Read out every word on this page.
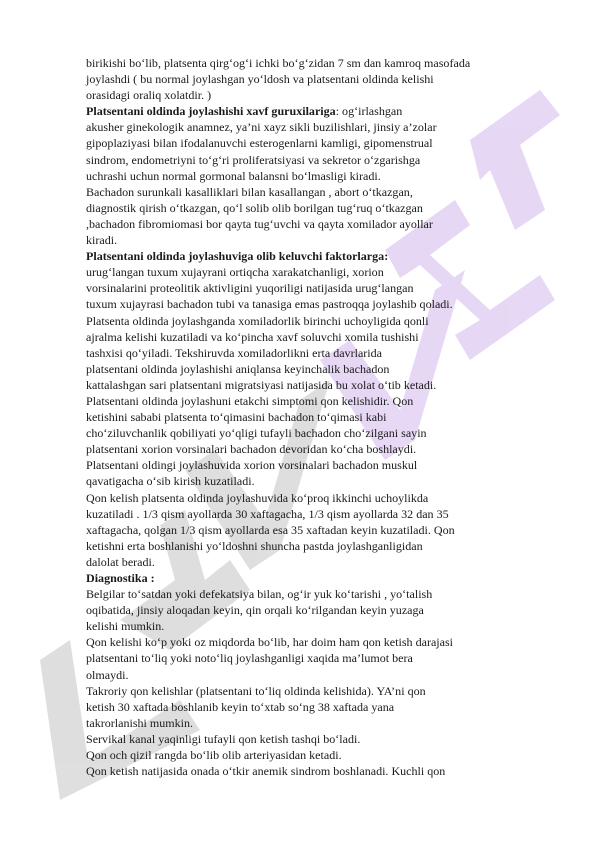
birikishi bo‘lib, platsenta qirg‘og‘i ichki bo‘g‘zidan 7 sm dan kamroq masofada
joylashdi ( bu normal joylashgan yo‘ldosh va platsentani oldinda kelishi
orasidagi oraliq xolatdir. )
Platsentani oldinda joylashishi xavf guruxilariga: og‘irlashgan
akusher ginekologik anamnez, ya’ni xayz sikli buzilishlari, jinsiy a’zolar
gipoplaziyasi bilan ifodalanuvchi esterogenlarni kamligi, gipomenstrual
sindrom, endometriyni to‘g‘ri proliferatsiyasi va sekretor o‘zgarishga
uchrashi uchun normal gormonal balansni bo‘lmasligi kiradi.
Bachadon surunkali kasalliklari bilan kasallangan , abort o‘tkazgan,
diagnostik qirish o‘tkazgan, qo‘l solib olib borilgan tug‘ruq o‘tkazgan
,bachadon fibromiomasi bor qayta tug‘uvchi va qayta xomilador ayollar
kiradi.
Platsentani oldinda joylashuviga olib keluvchi faktorlarga:
urug‘langan tuxum xujayrani ortiqcha xarakatchanligi, xorion
vorsinalarini proteolitik aktivligini yuqoriligi natijasida urug‘langan
tuxum xujayrasi bachadon tubi va tanasiga emas pastroqqa joylashib qoladi.
Platsenta oldinda joylashganda xomiladorlik birinchi uchoyligida qonli
ajralma kelishi kuzatiladi va ko‘pincha xavf soluvchi xomila tushishi
tashxisi qo‘yiladi. Tekshiruvda xomiladorlikni erta davrlarida
platsentani oldinda joylashishi aniqlansa keyinchalik bachadon
kattalashgan sari platsentani migratsiyasi natijasida bu xolat o‘tib ketadi.
Platsentani oldinda joylashuni etakchi simptomi qon kelishidir. Qon
ketishini sababi platsenta to‘qimasini bachadon to‘qimasi kabi
cho‘ziluvchanlik qobiliyati yo‘qligi tufayli bachadon cho‘zilgani sayin
platsentani xorion vorsinalari bachadon devoridan ko‘cha boshlaydi.
Platsentani oldingi joylashuvida xorion vorsinalari bachadon muskul
qavatigacha o‘sib kirish kuzatiladi.
Qon kelish platsenta oldinda joylashuvida ko‘proq ikkinchi uchoylikda
kuzatiladi . 1/3 qism ayollarda 30 xaftagacha, 1/3 qism ayollarda 32 dan 35
xaftagacha, qolgan 1/3 qism ayollarda esa 35 xaftadan keyin kuzatiladi. Qon
ketishni erta boshlanishi yo‘ldoshni shuncha pastda joylashganligidan
dalolat beradi.
Diagnostika :
Belgilar to‘satdan yoki defekatsiya bilan, og‘ir yuk ko‘tarishi , yo‘talish
oqibatida, jinsiy aloqadan keyin, qin orqali ko‘rilgandan keyin yuzaga
kelishi mumkin.
Qon kelishi ko‘p yoki oz miqdorda bo‘lib, har doim ham qon ketish darajasi
platsentani to‘liq yoki noto‘liq joylashganligi xaqida ma’lumot bera
olmaydi.
Takroriy qon kelishlar (platsentani to‘liq oldinda kelishida). YA’ni qon
ketish 30 xaftada boshlanib keyin to‘xtab so‘ng 38 xaftada yana
takrorlanishi mumkin.
Servikal kanal yaqinligi tufayli qon ketish tashqi bo‘ladi.
Qon och qizil rangda bo‘lib olib arteriyasidan ketadi.
Qon ketish natijasida onada o‘tkir anemik sindrom boshlanadi. Kuchli qon
